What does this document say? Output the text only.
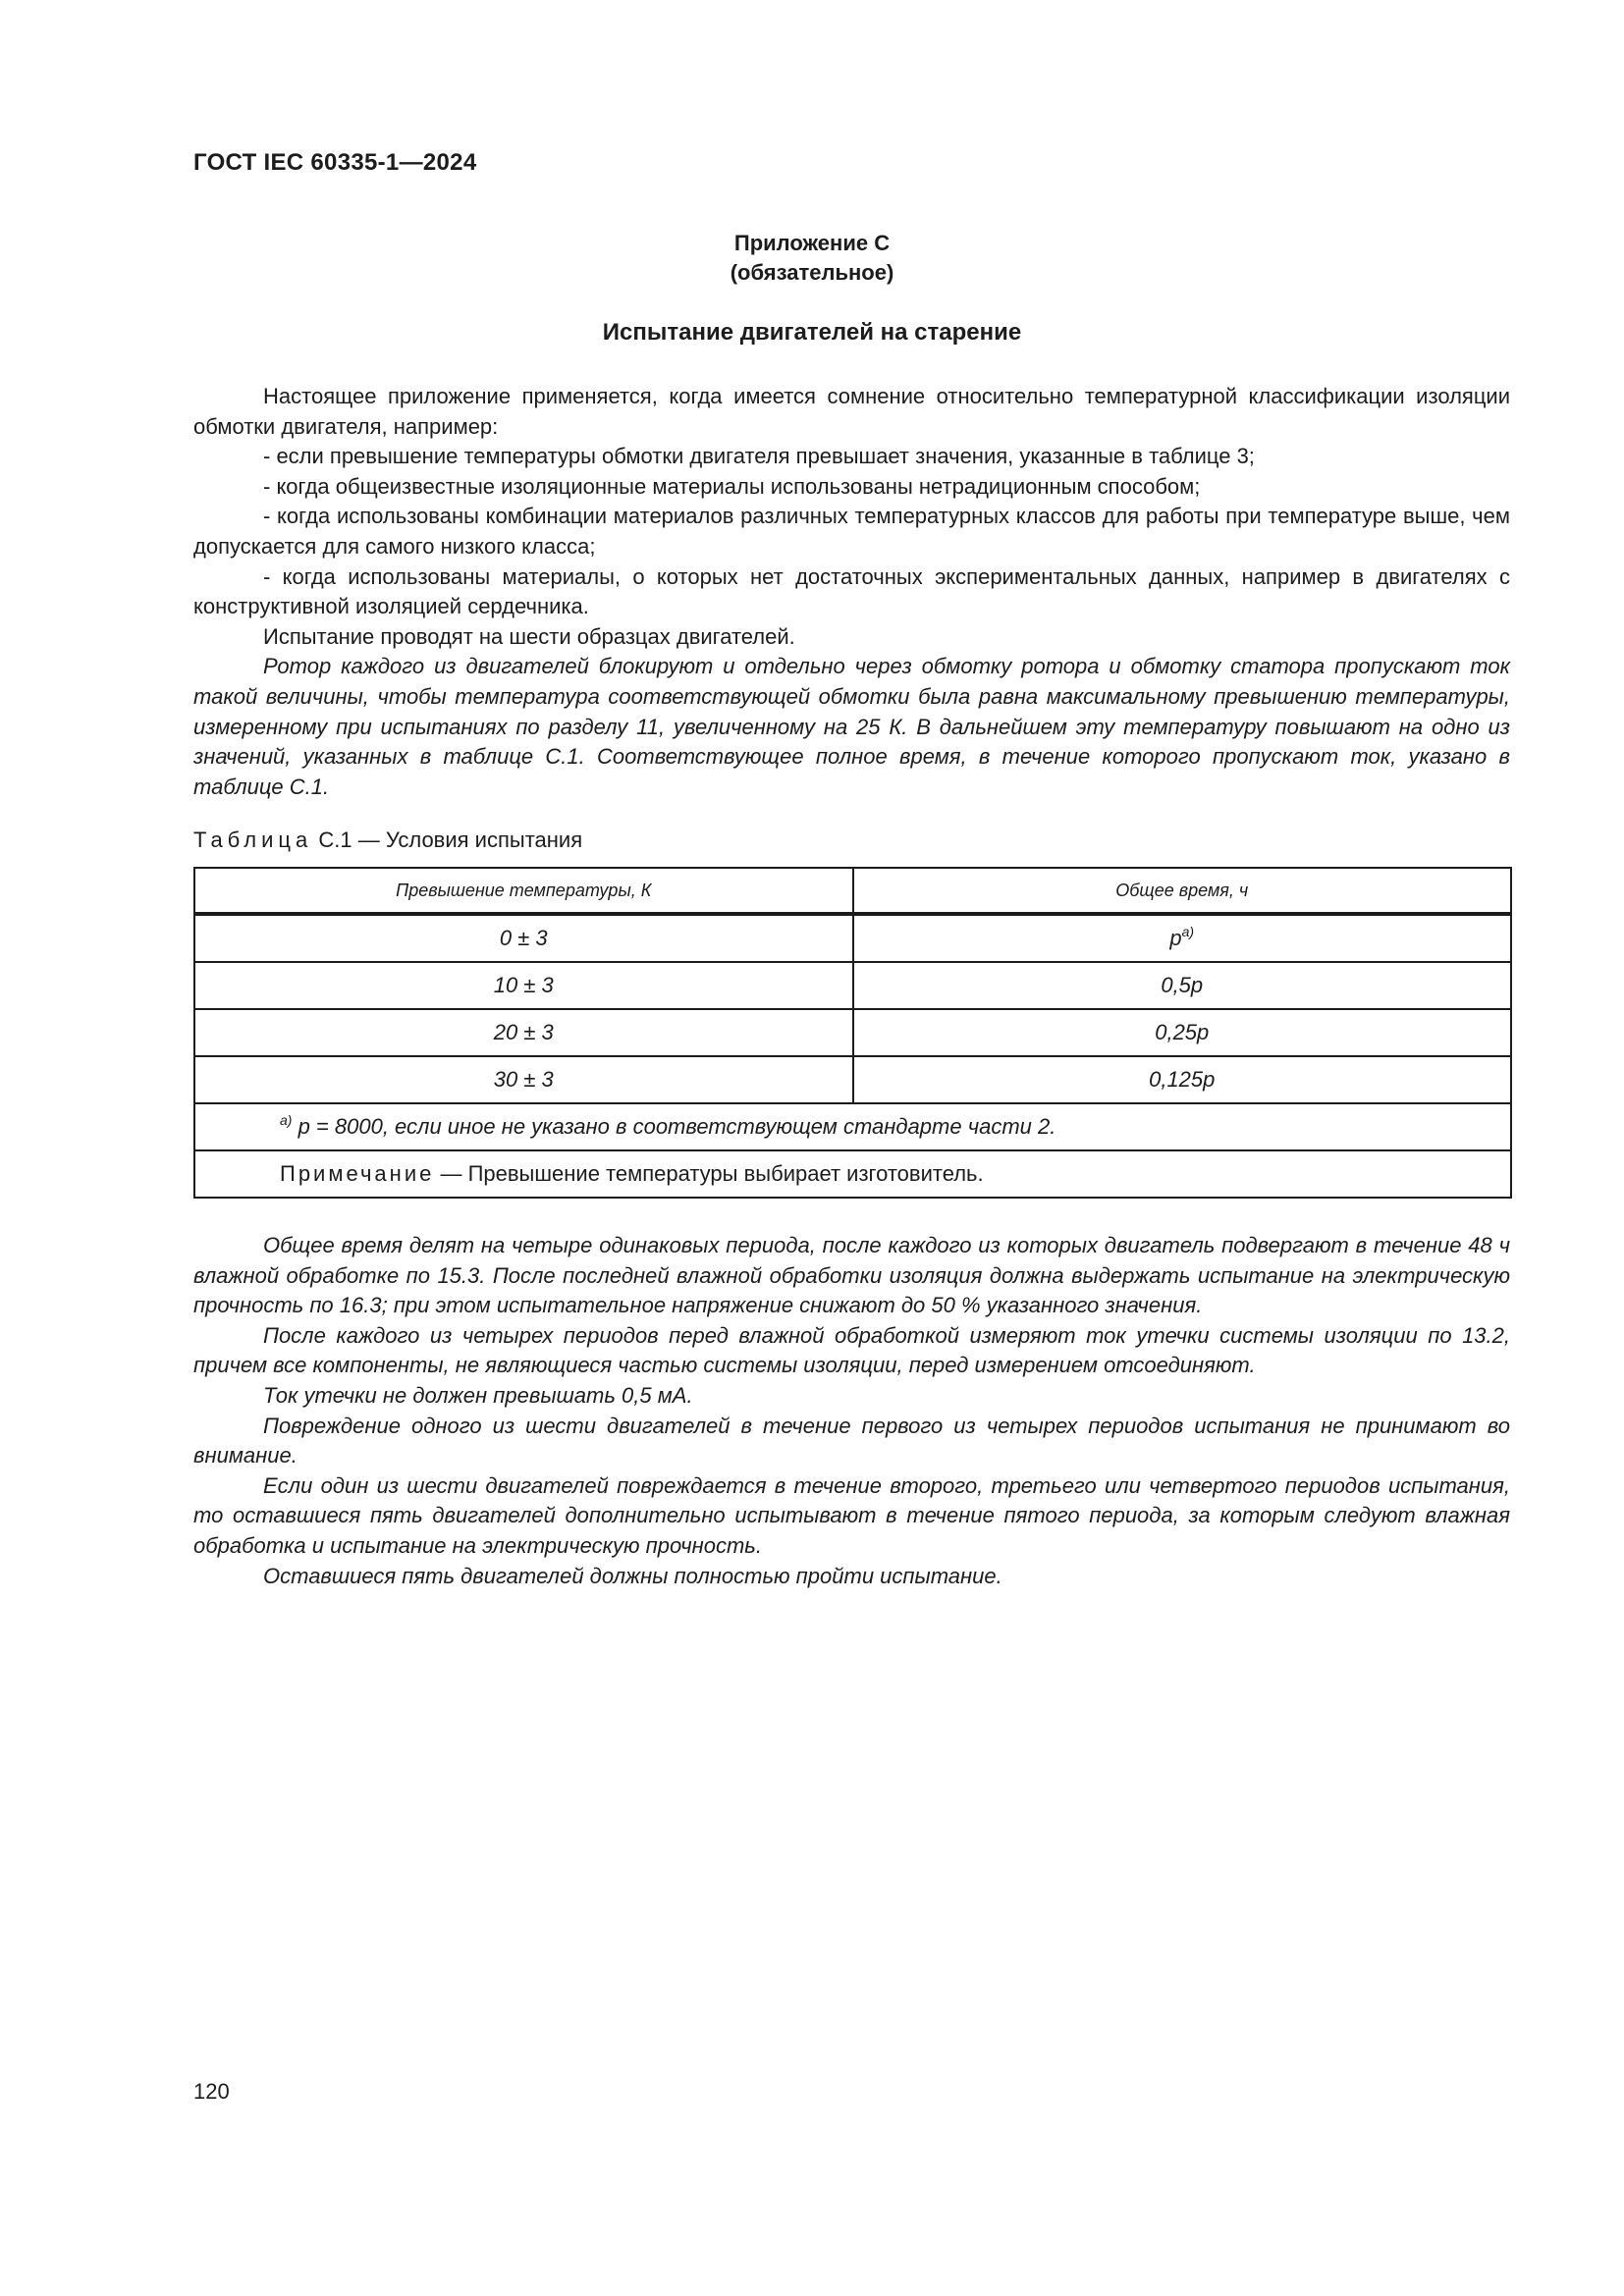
ГОСТ IEC 60335-1—2024
Приложение С
(обязательное)
Испытание двигателей на старение

Настоящее приложение применяется, когда имеется сомнение относительно температурной классификации изоляции обмотки двигателя, например:

- если превышение температуры обмотки двигателя превышает значения, указанные в таблице 3;

- когда общеизвестные изоляционные материалы использованы нетрадиционным способом;

- когда использованы комбинации материалов различных температурных классов для работы при температуре выше, чем допускается для самого низкого класса;

- когда использованы материалы, о которых нет достаточных экспериментальных данных, например в двигателях с конструктивной изоляцией сердечника.

Испытание проводят на шести образцах двигателей.

Ротор каждого из двигателей блокируют и отдельно через обмотку ротора и обмотку статора пропускают ток такой величины, чтобы температура соответствующей обмотки была равна максимальному превышению температуры, измеренному при испытаниях по разделу 11, увеличенному на 25 К. В дальнейшем эту температуру повышают на одно из значений, указанных в таблице С.1. Соответствующее полное время, в течение которого пропускают ток, указано в таблице С.1.

Таблица С.1 — Условия испытания
Превышение температуры, К	Общее время, ч
0 ± 3	$p^{a)}$
10 ± 3	0,5p
20 ± 3	0,25p
30 ± 3	0,125p
$^{a)}$ p = 8000, если иное не указано в соответствующем стандарте части 2.	
Примечание — Превышение температуры выбирает изготовитель.	

Общее время делят на четыре одинаковых периода, после каждого из которых двигатель подвергают в течение 48 ч влажной обработке по 15.3. После последней влажной обработки изоляция должна выдержать испытание на электрическую прочность по 16.3; при этом испытательное напряжение снижают до 50 % указанного значения.

После каждого из четырех периодов перед влажной обработкой измеряют ток утечки системы изоляции по 13.2, причем все компоненты, не являющиеся частью системы изоляции, перед измерением отсоединяют.

Ток утечки не должен превышать 0,5 мА.

Повреждение одного из шести двигателей в течение первого из четырех периодов испытания не принимают во внимание.

Если один из шести двигателей повреждается в течение второго, третьего или четвертого периодов испытания, то оставшиеся пять двигателей дополнительно испытывают в течение пятого периода, за которым следуют влажная обработка и испытание на электрическую прочность.

Оставшиеся пять двигателей должны полностью пройти испытание.

120
